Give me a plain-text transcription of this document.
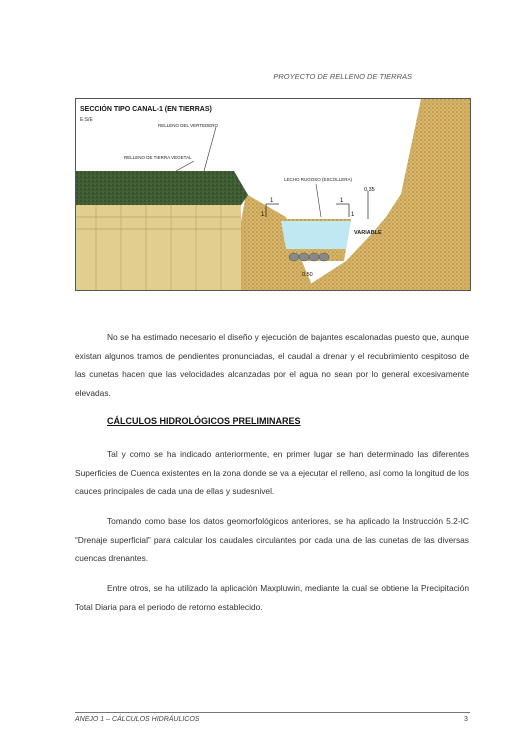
PROYECTO DE RELLENO DE TIERRAS
SECCIÓN TIPO CANAL-1 (EN TIERRAS)
E:S/E
RELLENO DEL VERTEDERO
RELLENO DE TIERRA VEGETAL
LECHO RUGOSO (ESCOLLERA)
1
1
1
1
0.35
VARIABLE
0.50

No se ha estimado necesario el diseño y ejecución de bajantes escalonadas puesto que, aunque existan algunos tramos de pendientes pronunciadas, el caudal a drenar y el recubrimiento cespitoso de las cunetas hacen que las velocidades alcanzadas por el agua no sean por lo general excesivamente elevadas.

CÁLCULOS HIDROLÓGICOS PRELIMINARES

Tal y como se ha indicado anteriormente, en primer lugar se han determinado las diferentes Superficies de Cuenca existentes en la zona donde se va a ejecutar el relleno, así como la longitud de los cauces principales de cada una de ellas y sudesnivel.

Tomando como base los datos geomorfológicos anteriores, se ha aplicado la Instrucción 5.2-IC “Drenaje superficial” para calcular los caudales circulantes por cada una de las cunetas de las diversas cuencas drenantes.

Entre otros, se ha utilizado la aplicación Maxpluwin, mediante la cual se obtiene la Precipitación Total Diaria para el periodo de retorno establecido.

ANEJO 1 – CÁLCULOS HIDRÁULICOS	3
